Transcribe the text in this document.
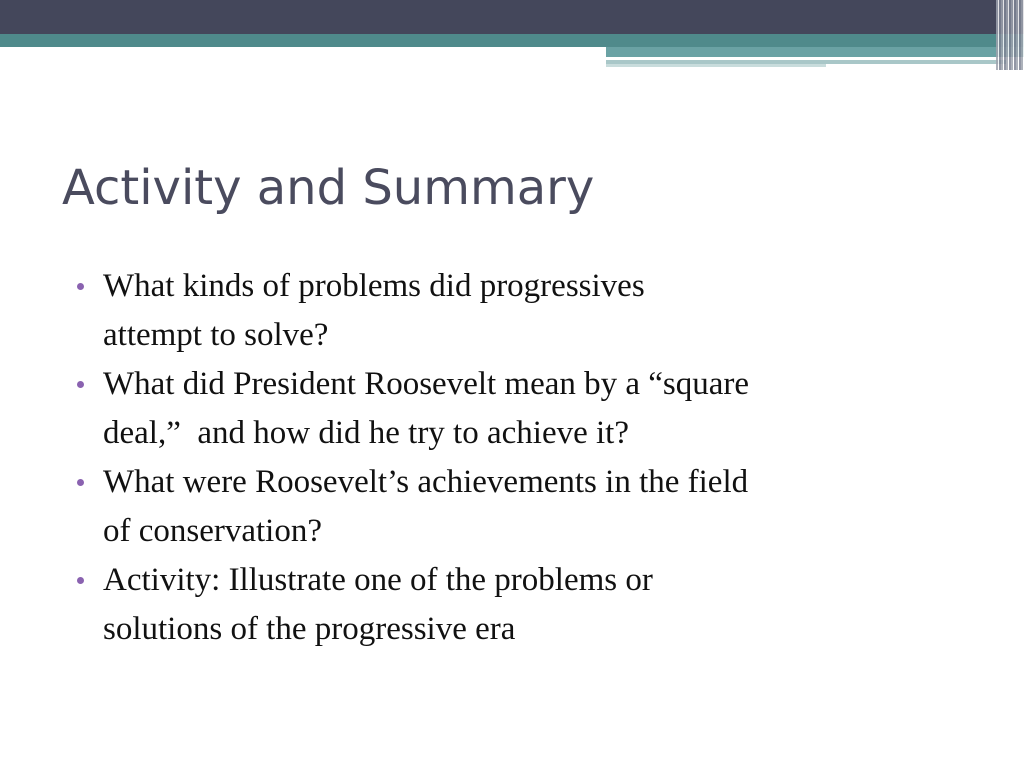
Activity and Summary
What kinds of problems did progressives
attempt to solve?
What did President Roosevelt mean by a “square
deal,”  and how did he try to achieve it?
What were Roosevelt’s achievements in the field
of conservation?
Activity: Illustrate one of the problems or
solutions of the progressive era
